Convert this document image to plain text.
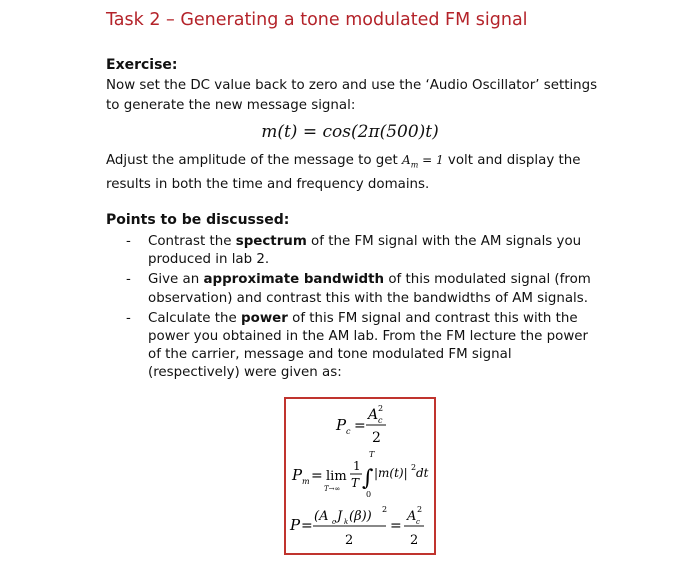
Task 2 – Generating a tone modulated FM signal
Exercise:
Now set the DC value back to zero and use the ‘Audio Oscillator’ settings to generate the new message signal:
m(t) = cos(2π(500)t)
Adjust the amplitude of the message to get $A_m = 1$ volt and display the results in both the time and frequency domains.
Points to be discussed:
- Contrast the spectrum of the FM signal with the AM signals you produced in lab 2.
- Give an approximate bandwidth of this modulated signal (from observation) and contrast this with the bandwidths of AM signals.
- Calculate the power of this FM signal and contrast this with the power you obtained in the AM lab. From the FM lecture the power of the carrier, message and tone modulated FM signal (respectively) were given as:
P c =
A c
2
2
P m = lim
T→∞
1
T
T
∫
0
|m(t)| 2 dt
P =
(A c J k (β)) 2
2
=
A c
2
2
